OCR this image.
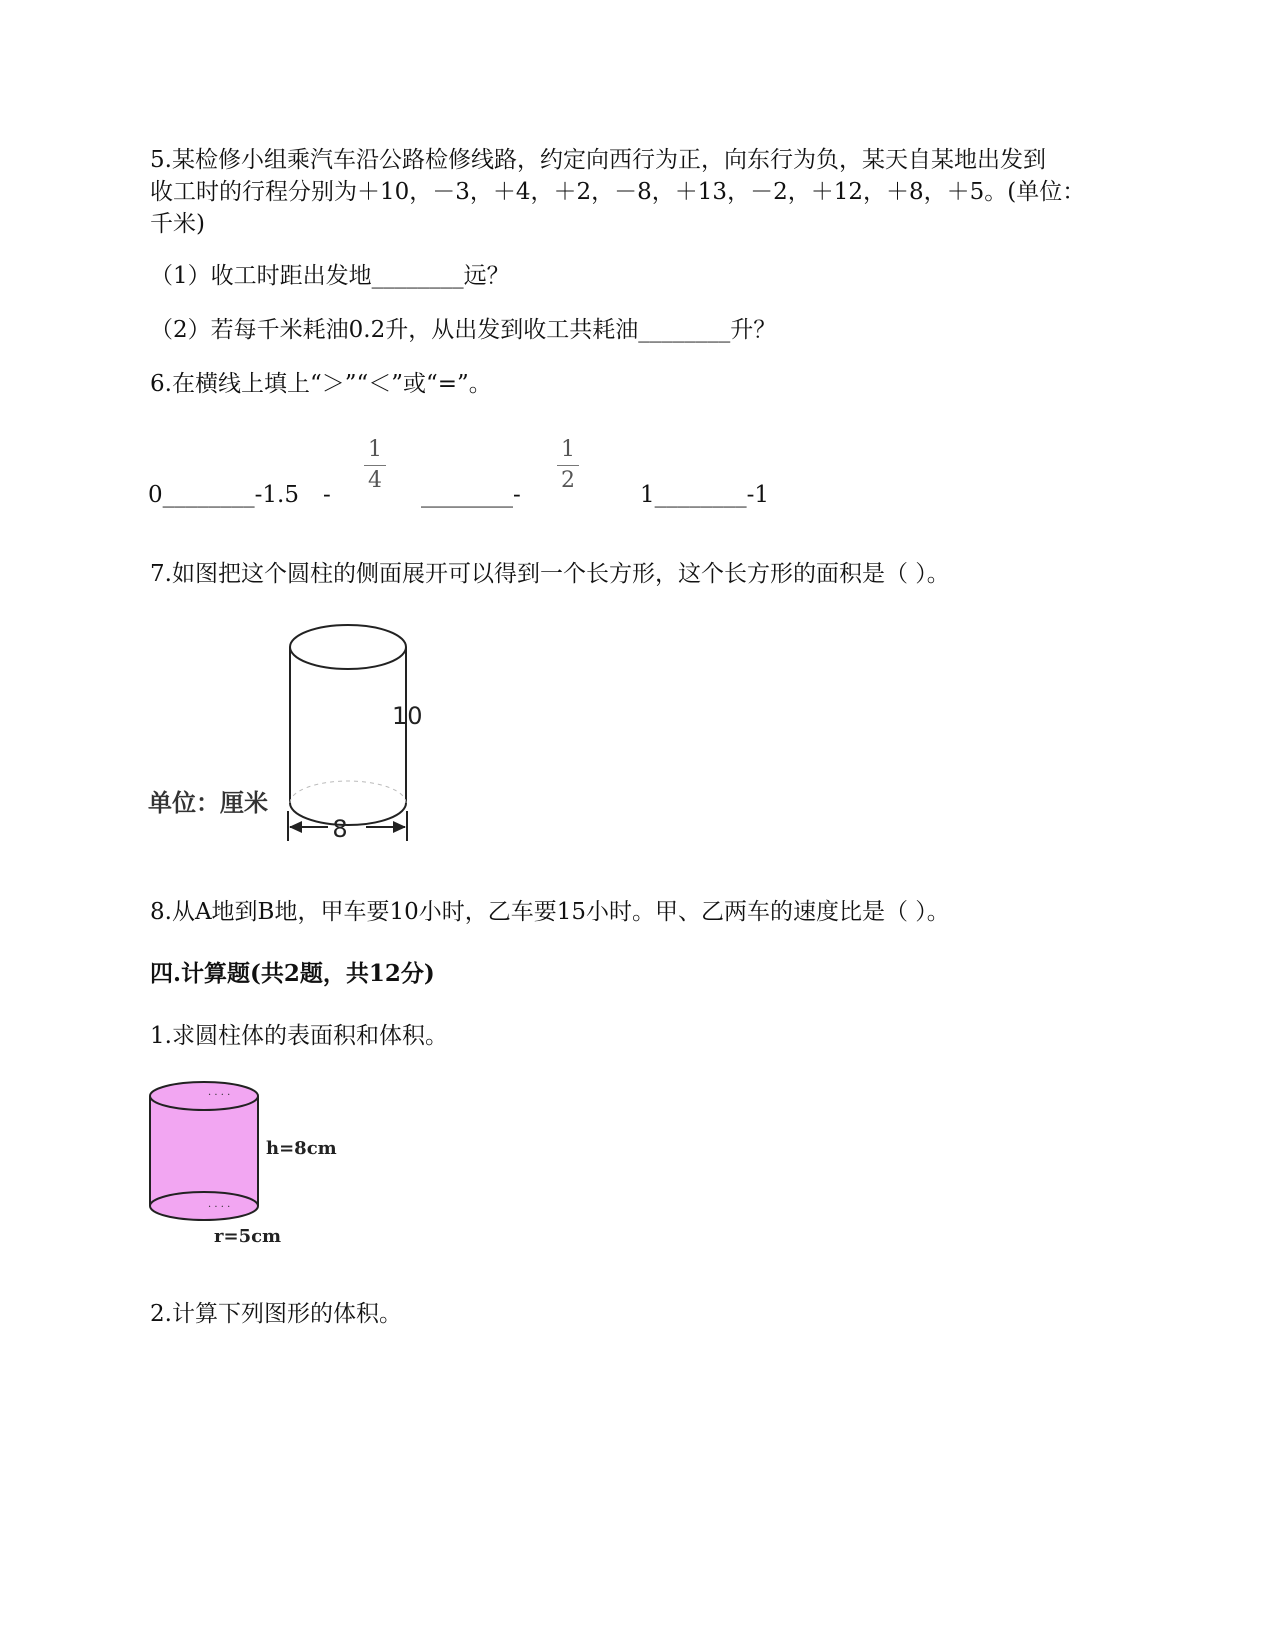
5.某检修小组乘汽车沿公路检修线路，约定向西行为正，向东行为负，某天自某地出发到
收工时的行程分别为＋10，－3，＋4，＋2，－8，＋13，－2，＋12，＋8，＋5。(单位：
千米)
（1）收工时距出发地________远？
（2）若每千米耗油0.2升，从出发到收工共耗油________升？
6.在横线上填上“＞”“＜”或“=”。
0________-1.5 -
1
4
________-
1
2
1________-1
7.如图把这个圆柱的侧面展开可以得到一个长方形，这个长方形的面积是（ ）。
10
单位：厘米
8
8.从A地到B地，甲车要10小时，乙车要15小时。甲、乙两车的速度比是（ ）。
四.计算题(共2题，共12分)
1.求圆柱体的表面积和体积。
· · · ·
· · · ·
h=8cm
r=5cm
2.计算下列图形的体积。
